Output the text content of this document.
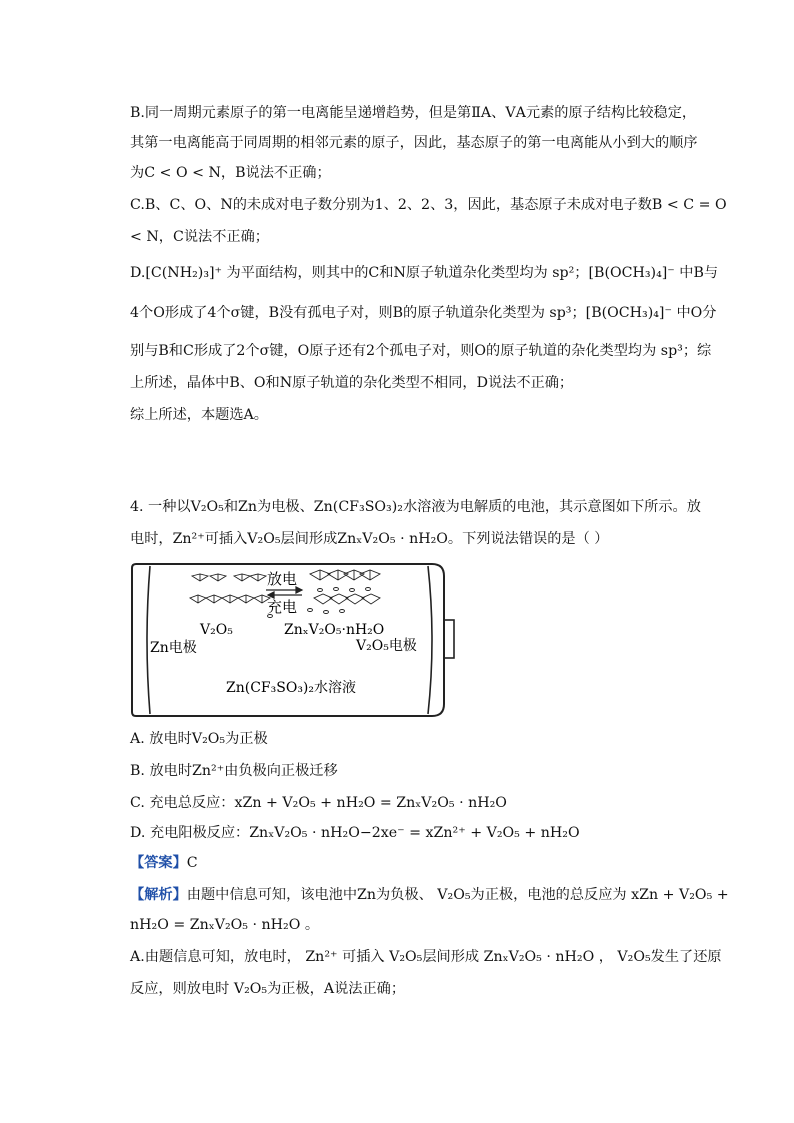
B.同一周期元素原子的第一电离能呈递增趋势，但是第ⅡA、ⅤA元素的原子结构比较稳定，
其第一电离能高于同周期的相邻元素的原子，因此，基态原子的第一电离能从小到大的顺序
为C < O < N，B说法不正确；
C.B、C、O、N的未成对电子数分别为1、2、2、3，因此，基态原子未成对电子数B < C = O
< N，C说法不正确；
D.[C(NH₂)₃]⁺ 为平面结构，则其中的C和N原子轨道杂化类型均为 sp²；[B(OCH₃)₄]⁻ 中B与
4个O形成了4个σ键，B没有孤电子对，则B的原子轨道杂化类型为 sp³；[B(OCH₃)₄]⁻ 中O分
别与B和C形成了2个σ键，O原子还有2个孤电子对，则O的原子轨道的杂化类型均为 sp³；综
上所述，晶体中B、O和N原子轨道的杂化类型不相同，D说法不正确；
综上所述，本题选A。
4. 一种以V₂O₅和Zn为电极、Zn(CF₃SO₃)₂水溶液为电解质的电池，其示意图如下所示。放
电时，Zn²⁺可插入V₂O₅层间形成ZnₓV₂O₅ · nH₂O。下列说法错误的是（ ）
放电
充电
V₂O₅	ZnₓV₂O₅·nH₂O
Zn电极	V₂O₅电极
Zn(CF₃SO₃)₂水溶液
A. 放电时V₂O₅为正极
B. 放电时Zn²⁺由负极向正极迁移
C. 充电总反应：xZn + V₂O₅ + nH₂O = ZnₓV₂O₅ · nH₂O
D. 充电阳极反应：ZnₓV₂O₅ · nH₂O−2xe⁻ = xZn²⁺ + V₂O₅ + nH₂O
【答案】C
【解析】由题中信息可知，该电池中Zn为负极、 V₂O₅为正极，电池的总反应为 xZn + V₂O₅ +
nH₂O = ZnₓV₂O₅ · nH₂O 。
A.由题信息可知，放电时， Zn²⁺ 可插入 V₂O₅层间形成 ZnₓV₂O₅ · nH₂O ， V₂O₅发生了还原
反应，则放电时 V₂O₅为正极，A说法正确；
